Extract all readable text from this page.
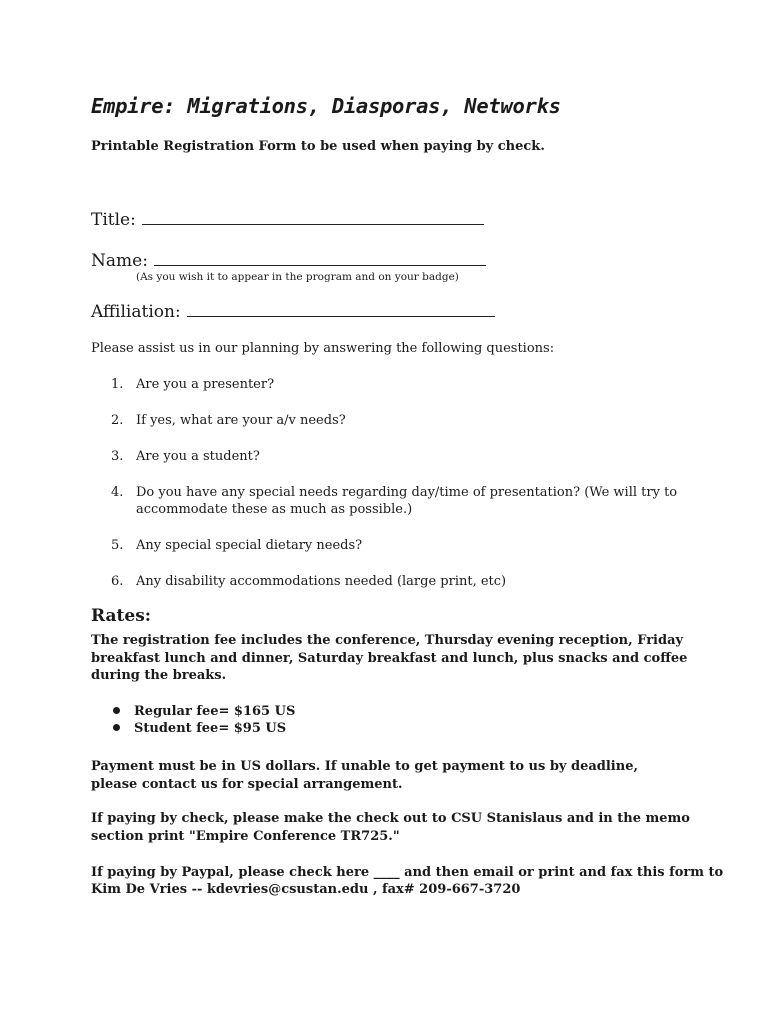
Empire: Migrations, Diasporas, Networks
Printable Registration Form to be used when paying by check.
Title:
Name:
(As you wish it to appear in the program and on your badge)
Affiliation:
Please assist us in our planning by answering the following questions:
1. Are you a presenter?
2. If yes, what are your a/v needs?
3. Are you a student?
4. Do you have any special needs regarding day/time of presentation? (We will try to accommodate these as much as possible.)
5. Any special special dietary needs?
6. Any disability accommodations needed (large print, etc)
Rates:
The registration fee includes the conference, Thursday evening reception, Friday breakfast lunch and dinner, Saturday breakfast and lunch, plus snacks and coffee during the breaks.
Regular fee= $165 US
Student fee= $95 US
Payment must be in US dollars. If unable to get payment to us by deadline, please contact us for special arrangement.
If paying by check, please make the check out to CSU Stanislaus and in the memo section print "Empire Conference TR725."
If paying by Paypal, please check here ____ and then email or print and fax this form to
Kim De Vries -- kdevries@csustan.edu , fax# 209-667-3720
